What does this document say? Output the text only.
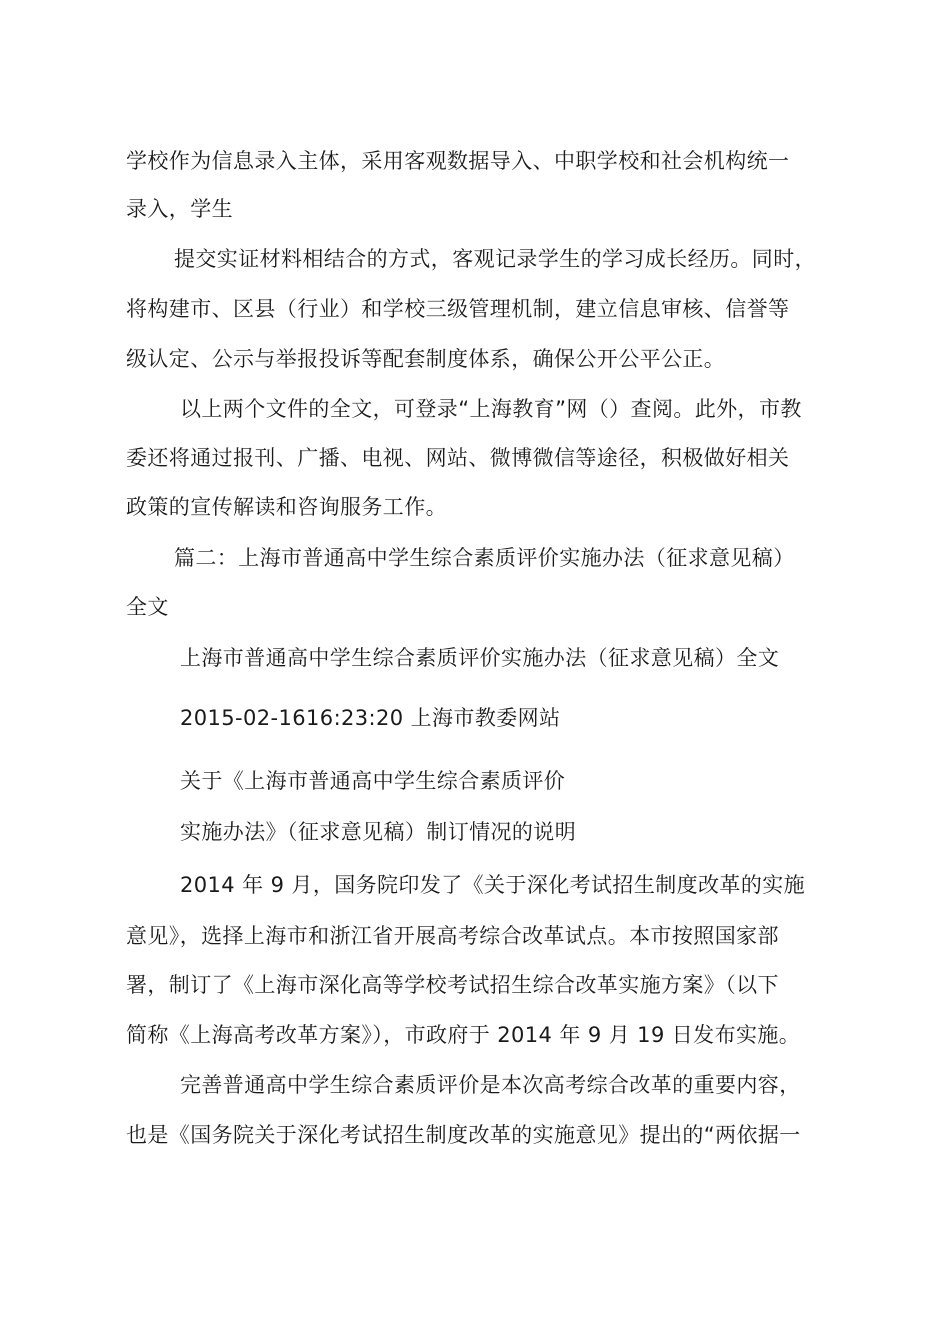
学校作为信息录入主体，采用客观数据导入、中职学校和社会机构统一
录入，学生
提交实证材料相结合的方式，客观记录学生的学习成长经历。同时，
将构建市、区县（行业）和学校三级管理机制，建立信息审核、信誉等
级认定、公示与举报投诉等配套制度体系，确保公开公平公正。
以上两个文件的全文，可登录“上海教育”网（）查阅。此外，市教
委还将通过报刊、广播、电视、网站、微博微信等途径，积极做好相关
政策的宣传解读和咨询服务工作。
篇二：上海市普通高中学生综合素质评价实施办法（征求意见稿）
全文
上海市普通高中学生综合素质评价实施办法（征求意见稿）全文
2015-02-1616:23:20 上海市教委网站
关于《上海市普通高中学生综合素质评价
实施办法》（征求意见稿）制订情况的说明
2014 年 9 月，国务院印发了《关于深化考试招生制度改革的实施
意见》，选择上海市和浙江省开展高考综合改革试点。本市按照国家部
署，制订了《上海市深化高等学校考试招生综合改革实施方案》（以下
简称《上海高考改革方案》），市政府于 2014 年 9 月 19 日发布实施。
完善普通高中学生综合素质评价是本次高考综合改革的重要内容，
也是《国务院关于深化考试招生制度改革的实施意见》提出的“两依据一
